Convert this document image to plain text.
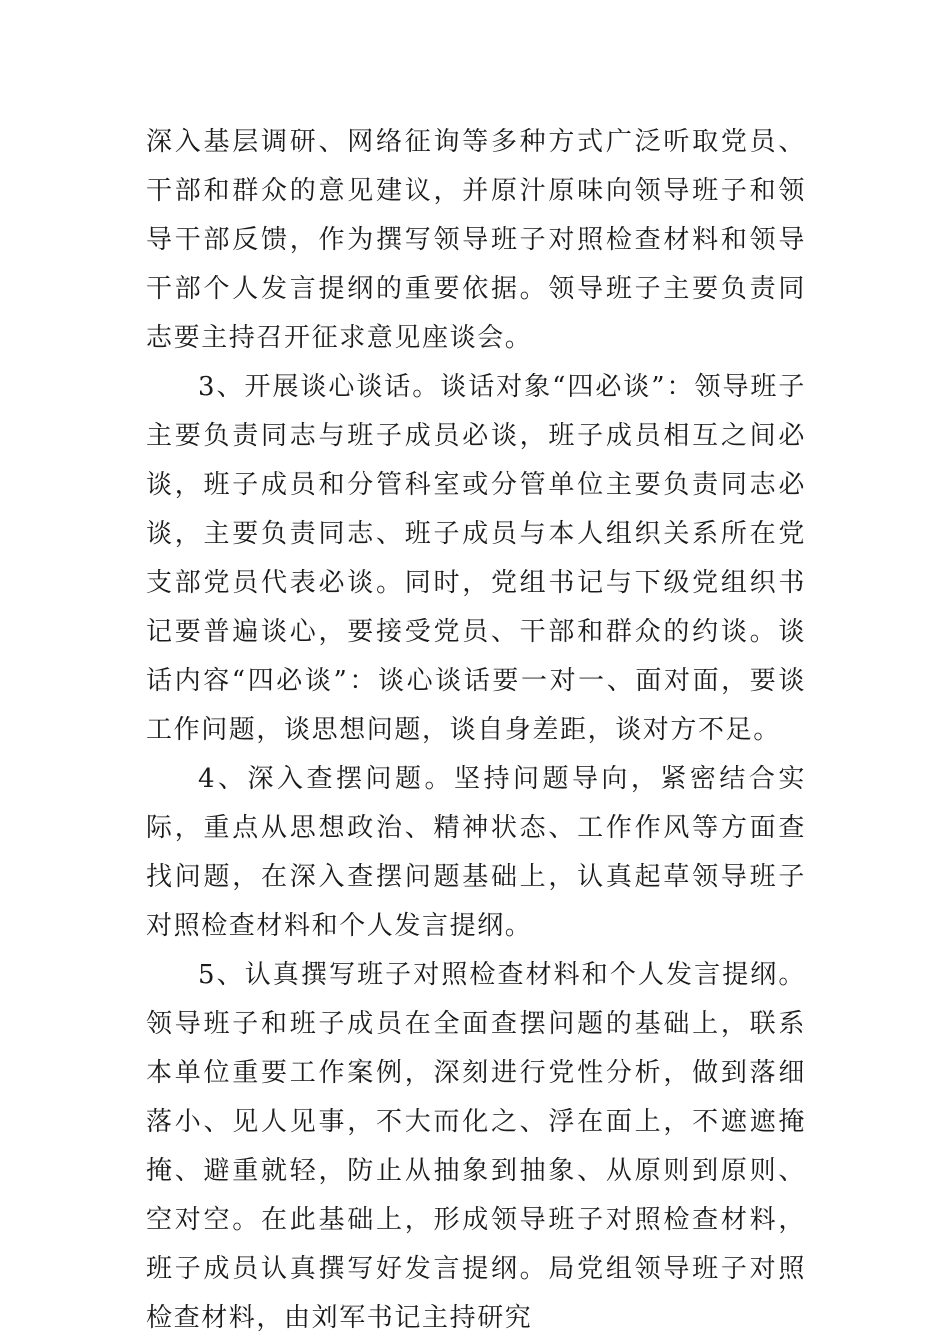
深入基层调研、网络征询等多种方式广泛听取党员、干部和群众的意见建议，并原汁原味向领导班子和领导干部反馈，作为撰写领导班子对照检查材料和领导干部个人发言提纲的重要依据。领导班子主要负责同志要主持召开征求意见座谈会。

3、开展谈心谈话。谈话对象“四必谈”：领导班子主要负责同志与班子成员必谈，班子成员相互之间必谈，班子成员和分管科室或分管单位主要负责同志必谈，主要负责同志、班子成员与本人组织关系所在党支部党员代表必谈。同时，党组书记与下级党组织书记要普遍谈心，要接受党员、干部和群众的约谈。谈话内容“四必谈”：谈心谈话要一对一、面对面，要谈工作问题，谈思想问题，谈自身差距，谈对方不足。

4、深入查摆问题。坚持问题导向，紧密结合实际，重点从思想政治、精神状态、工作作风等方面查找问题，在深入查摆问题基础上，认真起草领导班子对照检查材料和个人发言提纲。

5、认真撰写班子对照检查材料和个人发言提纲。领导班子和班子成员在全面查摆问题的基础上，联系本单位重要工作案例，深刻进行党性分析，做到落细落小、见人见事，不大而化之、浮在面上，不遮遮掩掩、避重就轻，防止从抽象到抽象、从原则到原则、空对空。在此基础上，形成领导班子对照检查材料，班子成员认真撰写好发言提纲。局党组领导班子对照检查材料，由刘军书记主持研究
